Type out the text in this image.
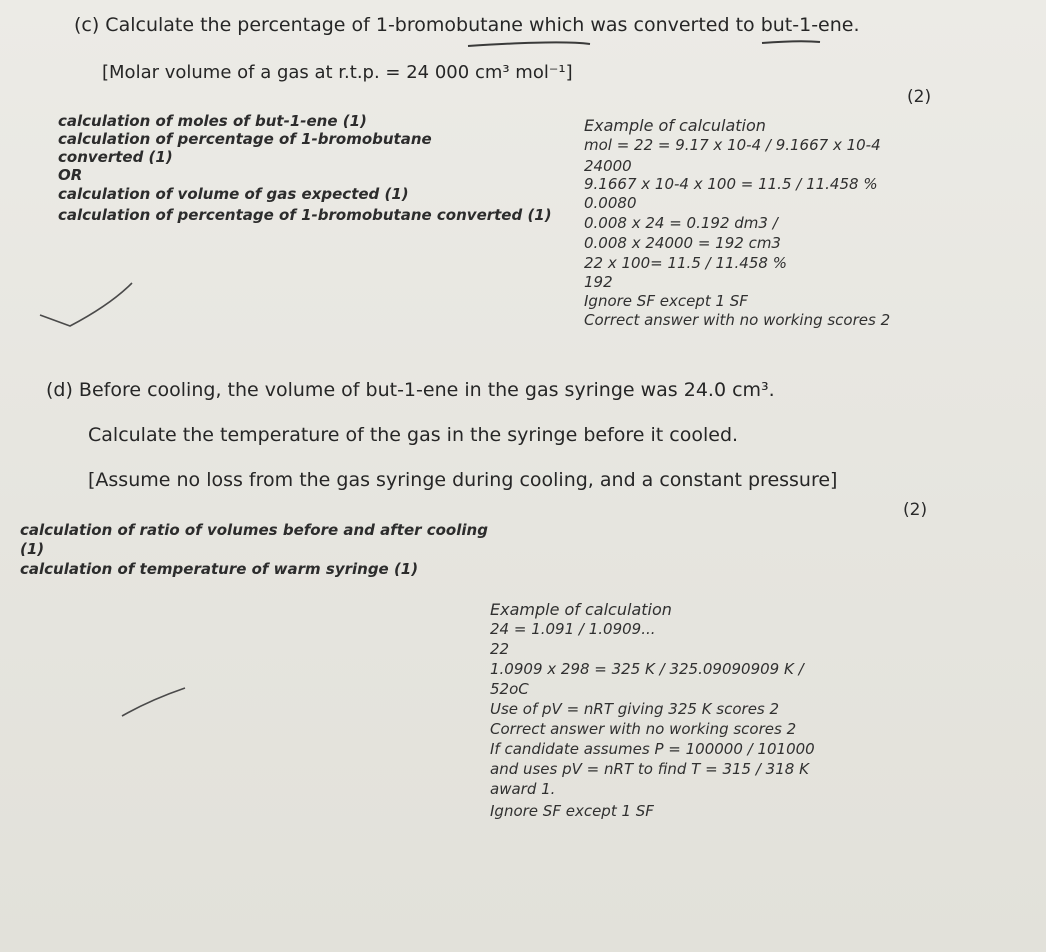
(c) Calculate the percentage of 1-bromobutane which was converted to but-1-ene.
[Molar volume of a gas at r.t.p. = 24 000 cm³ mol⁻¹]
(2)
calculation of moles of but-1-ene (1)
calculation of percentage of 1-bromobutane
converted (1)
OR
calculation of volume of gas expected (1)
calculation of percentage of 1-bromobutane converted (1)
Example of calculation
mol = 22 = 9.17 x 10-4 / 9.1667 x 10-4
24000
9.1667 x 10-4 x 100 = 11.5 / 11.458 %
0.0080
0.008 x 24 = 0.192 dm3 /
0.008 x 24000 = 192 cm3
22 x 100= 11.5 / 11.458 %
192
Ignore SF except 1 SF
Correct answer with no working scores 2
(d) Before cooling, the volume of but-1-ene in the gas syringe was 24.0 cm³.
Calculate the temperature of the gas in the syringe before it cooled.
[Assume no loss from the gas syringe during cooling, and a constant pressure]
(2)
calculation of ratio of volumes before and after cooling
(1)
calculation of temperature of warm syringe (1)
Example of calculation
24 = 1.091 / 1.0909...
22
1.0909 x 298 = 325 K / 325.09090909 K /
52oC
Use of pV = nRT giving 325 K scores 2
Correct answer with no working scores 2
If candidate assumes P = 100000 / 101000
and uses pV = nRT to find T = 315 / 318 K
award 1.
Ignore SF except 1 SF
